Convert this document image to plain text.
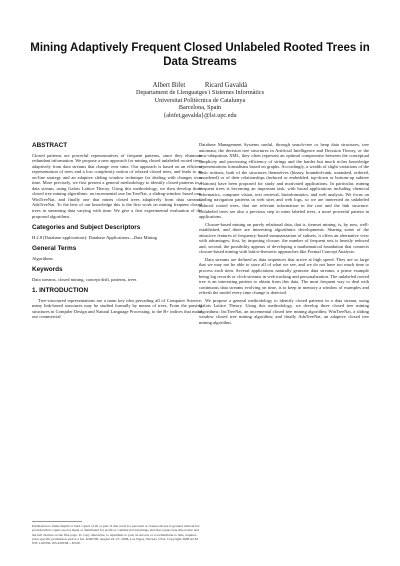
Mining Adaptively Frequent Closed Unlabeled Rooted Trees in Data Streams
Albert Bifet	Ricard Gavaldà
Departament de Llenguatges i Sistemes Informàtics
Universitat Politècnica de Catalunya
Barcelona, Spain
{abifet,gavalda}@lsi.upc.edu
ABSTRACT

Closed patterns are powerful representatives of frequent patterns, since they eliminate redundant information. We propose a new approach for mining closed unlabeled rooted trees adaptively from data streams that change over time. Our approach is based on an efficient representation of trees and a low complexity notion of relaxed closed trees, and leads to an on-line strategy and an adaptive sliding window technique for dealing with changes over time. More precisely, we first present a general methodology to identify closed patterns in a data stream, using Galois Lattice Theory. Using this methodology, we then develop three closed tree mining algorithms: an incremental one IncTreeNat, a sliding-window based one, WinTreeNat, and finally one that mines closed trees adaptively from data streams, AdaTreeNat. To the best of our knowledge this is the first work on mining frequent closed trees in streaming data varying with time. We give a first experimental evaluation of the proposed algorithms.

Categories and Subject Descriptors

H.2.8 [Database applications]: Database Applications—Data Mining

General Terms

Algorithms

Keywords

Data streams, closed mining, concept drift, patterns, trees

1. INTRODUCTION

Tree-structured representations are a main key idea pervading all of Computer Science; many link-based structures may be studied formally by means of trees. From the parsing structures in Compiler Design and Natural Language Processing, to the B+ indices that make our commercial

Permission to make digital or hard copies of all or part of this work for personal or classroom use is granted without fee provided that copies are not made or distributed for profit or commercial advantage and that copies bear this notice and the full citation on the first page. To copy otherwise, to republish, to post on servers or to redistribute to lists, requires prior specific permission and/or a fee. KDD’08, August 24–27, 2008, Las Vegas, Nevada, USA. Copyright 2008 ACM 978-1-60558-193-4/08/08 ...$5.00.

Database Management Systems useful, through search-tree or heap data structures, tree automata, the decision tree structures in Artificial Intelligence and Decision Theory, or the now-ubiquitous XML, they often represent an optimal compromise between the conceptual simplicity and processing efficiency of strings and the harder but much richer knowledge representations formalisms based on graphs. Accordingly, a wealth of slight variations of the basic notions, both of the structures themselves (binary, bounded-rank, unranked, ordered, unordered) or of their relationships (induced or embedded, top-down or bottom-up subtree relations) have been proposed for study and motivated applications. In particular, mining frequent trees is becoming an important task, with broad applications including chemical informatics, computer vision, text retrieval, bioinformatics, and web analysis. We focus on finding navigation patterns in web sites and web logs, so we are interested on unlabeled induced rooted trees, that are relevant information in the root and the link structure. Unlabeled trees are also a previous step to mine labeled trees, a more powerful pattern in applications.

Closure-based mining on purely relational data, that is, itemset mining, is, by now, well-established, and there are interesting algorithmic developments. Sharing some of the attractive features of frequency-based summarization of subsets, it offers an alternative view with advantages; first, by imposing closure, the number of frequent sets is heavily reduced and, second, the possibility appears of developing a mathematical foundation that connects closure-based mining with lattice-theoretic approaches like Formal Concept Analysis.

Data streams are defined as data sequences that arrive at high speed. They are so large that we may not be able to store all of what we see, and we do not have too much time to process each item. Several applications naturally generate data streams, a prime example being log records or click-streams in web tracking and personalization. The unlabeled rooted tree is an interesting pattern to obtain from this data. The most frequent way to deal with continuous data streams evolving on time, is to keep in memory a window of examples and refresh the model every time change is detected.

We propose a general methodology to identify closed patterns in a data stream, using Galois Lattice Theory. Using this methodology, we develop three closed tree mining algorithms: IncTreeNat, an incremental closed tree mining algorithm; WinTreeNat, a sliding window closed tree mining algorithm; and finally AdaTreeNat, an adaptive closed tree mining algorithm.
